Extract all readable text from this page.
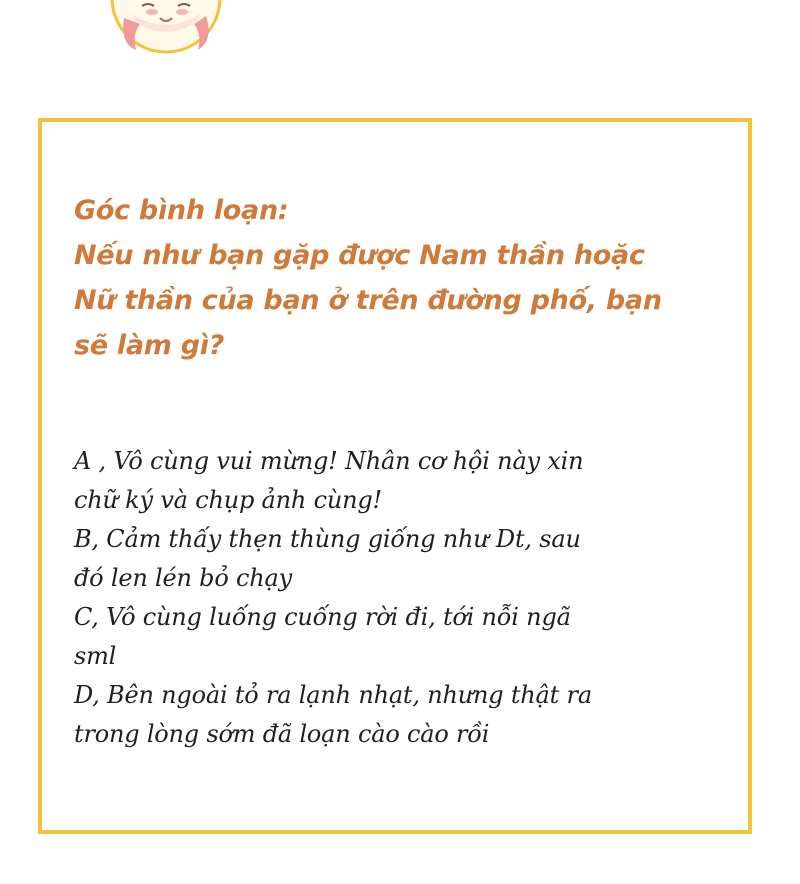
Góc bình loạn:
Nếu như bạn gặp được Nam thần hoặc
Nữ thần của bạn ở trên đường phố, bạn
sẽ làm gì?
A , Vô cùng vui mừng! Nhân cơ hội này xin
chữ ký và chụp ảnh cùng!
B, Cảm thấy thẹn thùng giống như Dt, sau
đó len lén bỏ chạy
C, Vô cùng luống cuống rời đi, tới nỗi ngã
sml
D, Bên ngoài tỏ ra lạnh nhạt, nhưng thật ra
trong lòng sớm đã loạn cào cào rồi
